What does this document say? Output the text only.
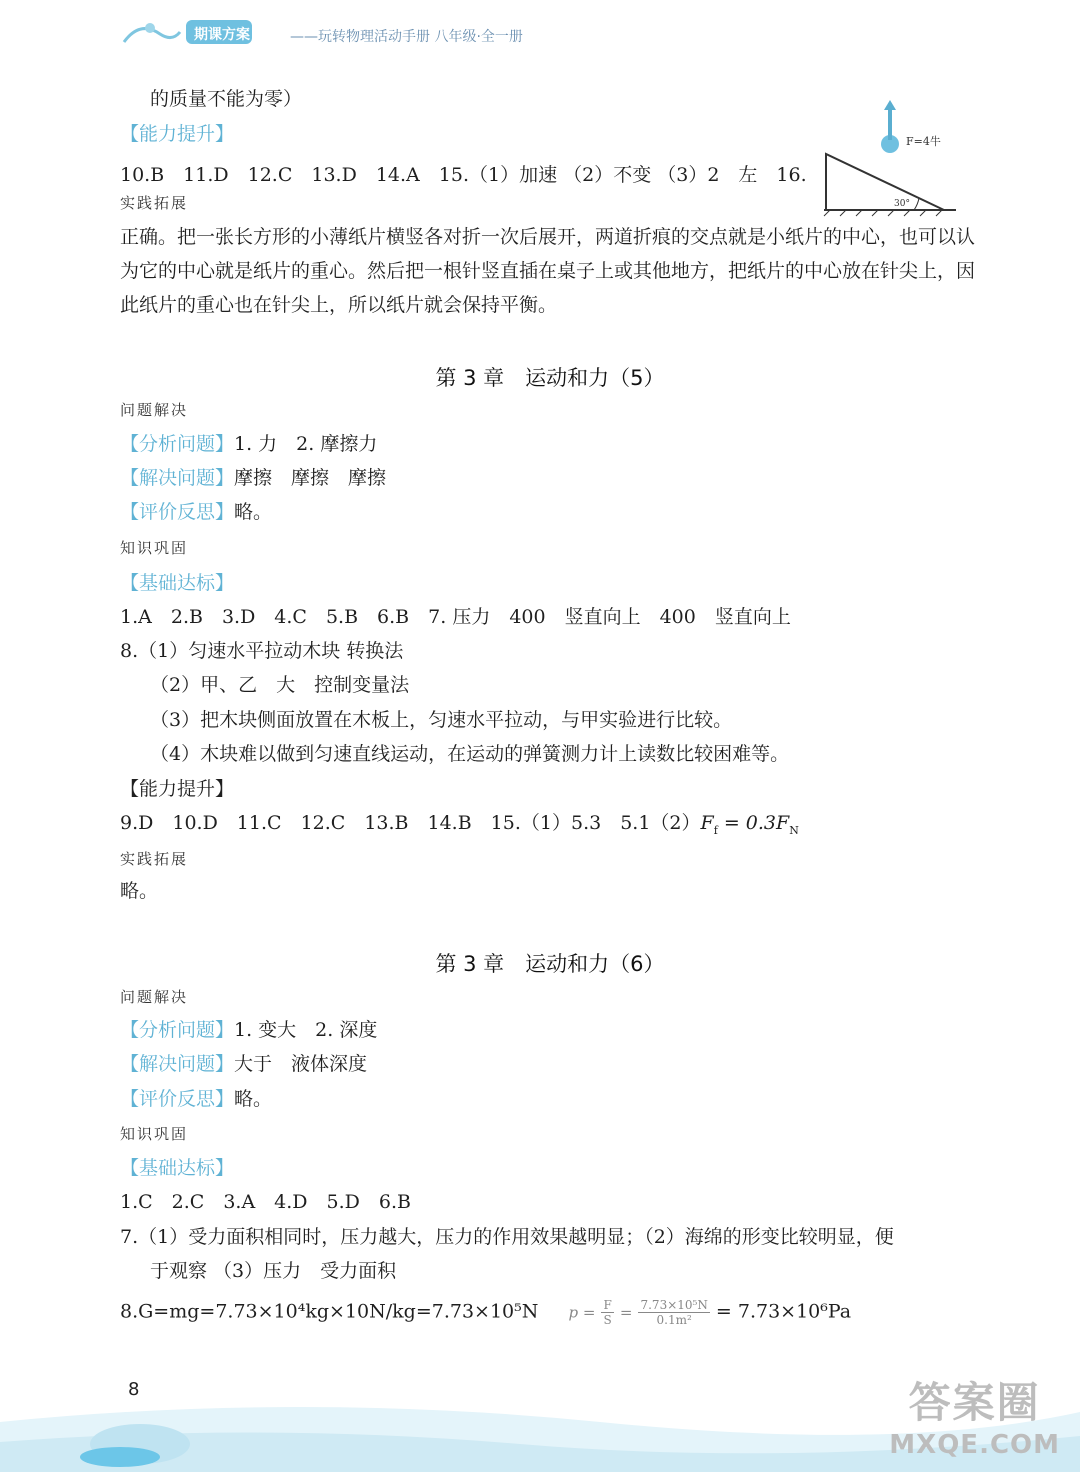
期课方案	——玩转物理活动手册 八年级·全一册
的质量不能为零）
【能力提升】
10.B　11.D　12.C　13.D　14.A　15.（1）加速 （2）不变 （3）2　左　16.
实践拓展
正确。把一张长方形的小薄纸片横竖各对折一次后展开，两道折痕的交点就是小纸片的中心，也可以认为它的中心就是纸片的重心。然后把一根针竖直插在桌子上或其他地方，把纸片的中心放在针尖上，因此纸片的重心也在针尖上，所以纸片就会保持平衡。
F=4牛
30°
第 3 章　运动和力（5）
问题解决
【分析问题】1. 力　2. 摩擦力
【解决问题】摩擦　摩擦　摩擦
【评价反思】略。
知识巩固
【基础达标】
1.A　2.B　3.D　4.C　5.B　6.B　7. 压力　400　竖直向上　400　竖直向上
8.（1）匀速水平拉动木块 转换法
（2）甲、乙　大　控制变量法
（3）把木块侧面放置在木板上，匀速水平拉动，与甲实验进行比较。
（4）木块难以做到匀速直线运动，在运动的弹簧测力计上读数比较困难等。
【能力提升】
9.D　10.D　11.C　12.C　13.B　14.B　15.（1）5.3　$5.1(2)F_f = 0.3F_N$
实践拓展
略。
第 3 章　运动和力（6）
问题解决
【分析问题】1. 变大　2. 深度
【解决问题】大于　液体深度
【评价反思】略。
知识巩固
【基础达标】
1.C　2.C　3.A　4.D　5.D　6.B
7.（1）受力面积相同时，压力越大，压力的作用效果越明显；（2）海绵的形变比较明显，便
于观察 （3）压力　受力面积
8.G=mg=7.73×10⁴kg×10N/kg=7.73×10⁵N $p = \frac{F}{S} = \frac{\text{7.73×10⁵N}}{\text{0.1m²}} = 7.73\times 10^6Pa$
8	答案圈
MXQE.COM
